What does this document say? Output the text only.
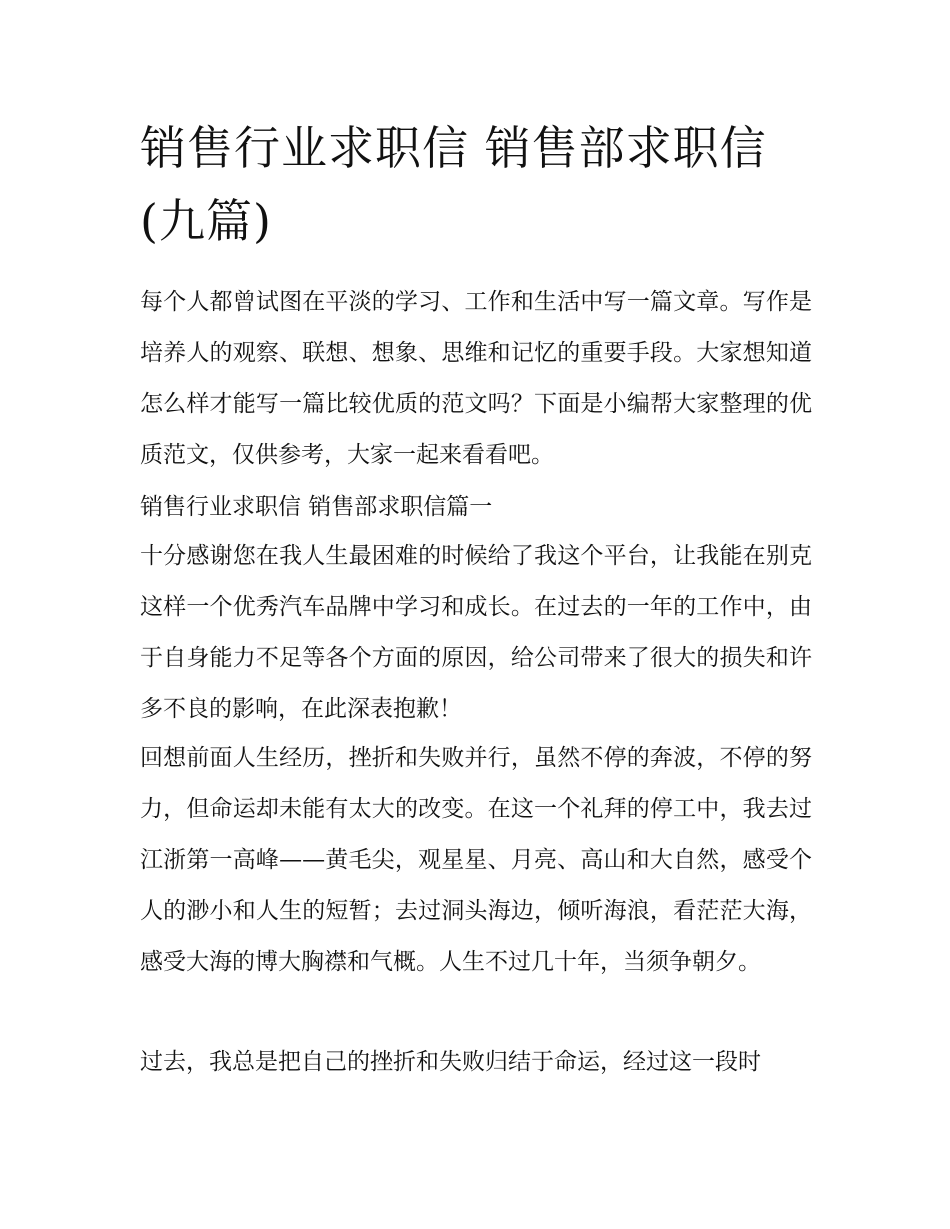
销售行业求职信 销售部求职信(九篇)

每个人都曾试图在平淡的学习、工作和生活中写一篇文章。写作是培养人的观察、联想、想象、思维和记忆的重要手段。大家想知道怎么样才能写一篇比较优质的范文吗？下面是小编帮大家整理的优质范文，仅供参考，大家一起来看看吧。

销售行业求职信 销售部求职信篇一

十分感谢您在我人生最困难的时候给了我这个平台，让我能在别克这样一个优秀汽车品牌中学习和成长。在过去的一年的工作中，由于自身能力不足等各个方面的原因，给公司带来了很大的损失和许多不良的影响，在此深表抱歉！

回想前面人生经历，挫折和失败并行，虽然不停的奔波，不停的努力，但命运却未能有太大的改变。在这一个礼拜的停工中，我去过江浙第一高峰——黄毛尖，观星星、月亮、高山和大自然，感受个人的渺小和人生的短暂；去过洞头海边，倾听海浪，看茫茫大海，感受大海的博大胸襟和气概。人生不过几十年，当须争朝夕。

过去，我总是把自己的挫折和失败归结于命运，经过这一段时
